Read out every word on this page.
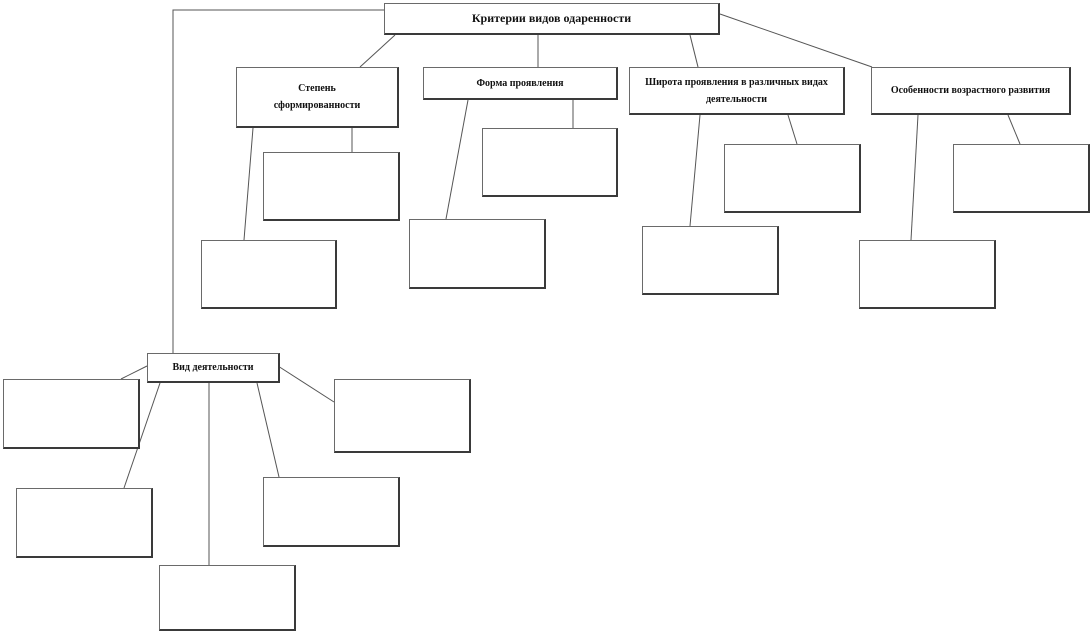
Критерии видов одаренности
Степень сформированности
Форма проявления	Широта проявления в различных видах деятельности
Особенности возрастного развития
Вид деятельности
